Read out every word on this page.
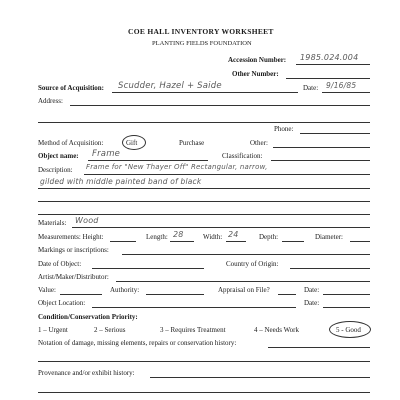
COE HALL INVENTORY WORKSHEET
PLANTING FIELDS FOUNDATION
Accession Number: 1985.024.004
Other Number:
Source of Acquisition: Scudder, Hazel + Saide	Date: 9/16/85
Address:
Phone:
Method of Acquisition:	Gift	Purchase	Other:
Object name: Frame	Classification:
Description: Frame for "New Thayer Off" Rectangular, narrow,
gilded with middle painted band of black
Materials: Wood
Measurements: Height:	Length: 28	Width: 24	Depth:	Diameter:
Markings or inscriptions:
Date of Object:	Country of Origin:
Artist/Maker/Distributor:
Value:	Authority:	Appraisal on File?	Date:
Object Location:	Date:
Condition/Conservation Priority:
1 – Urgent	2 – Serious	3 – Requires Treatment	4 – Needs Work	5 - Good
Notation of damage, missing elements, repairs or conservation history:
Provenance and/or exhibit history:
